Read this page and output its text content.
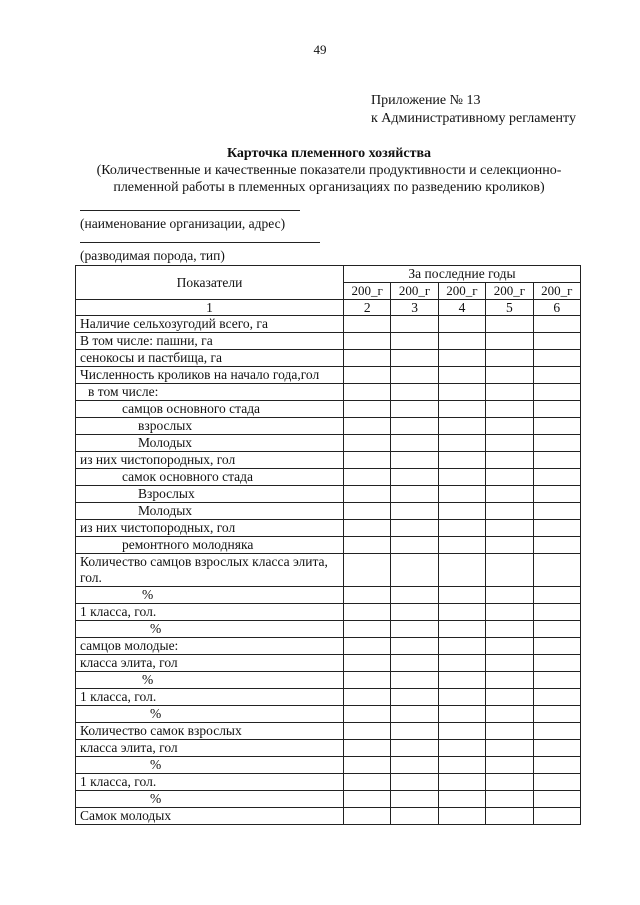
49
Приложение № 13
к Административному регламенту
Карточка племенного хозяйства
(Количественные и качественные показатели продуктивности и селекционно-племенной работы в племенных организациях по разведению кроликов)
(наименование организации, адрес)
(разводимая порода, тип)
Показатели	За последние годы				
	200_г	200_г	200_г	200_г	200_г
1	2	3	4	5	6
Наличие сельхозугодий всего, га					
В том числе: пашни, га					
сенокосы и пастбища, га					
Численность кроликов на начало года,гол					
в том числе:					
самцов основного стада					
взрослых					
Молодых					
из них чистопородных, гол					
самок основного стада					
Взрослых					
Молодых					
из них чистопородных, гол					
ремонтного молодняка					
Количество самцов взрослых класса элита, гол.					
%					
1 класса, гол.					
%					
самцов молодые:					
класса элита, гол					
%					
1 класса, гол.					
%					
Количество самок взрослых					
класса элита, гол					
%					
1 класса, гол.					
%					
Самок молодых					
